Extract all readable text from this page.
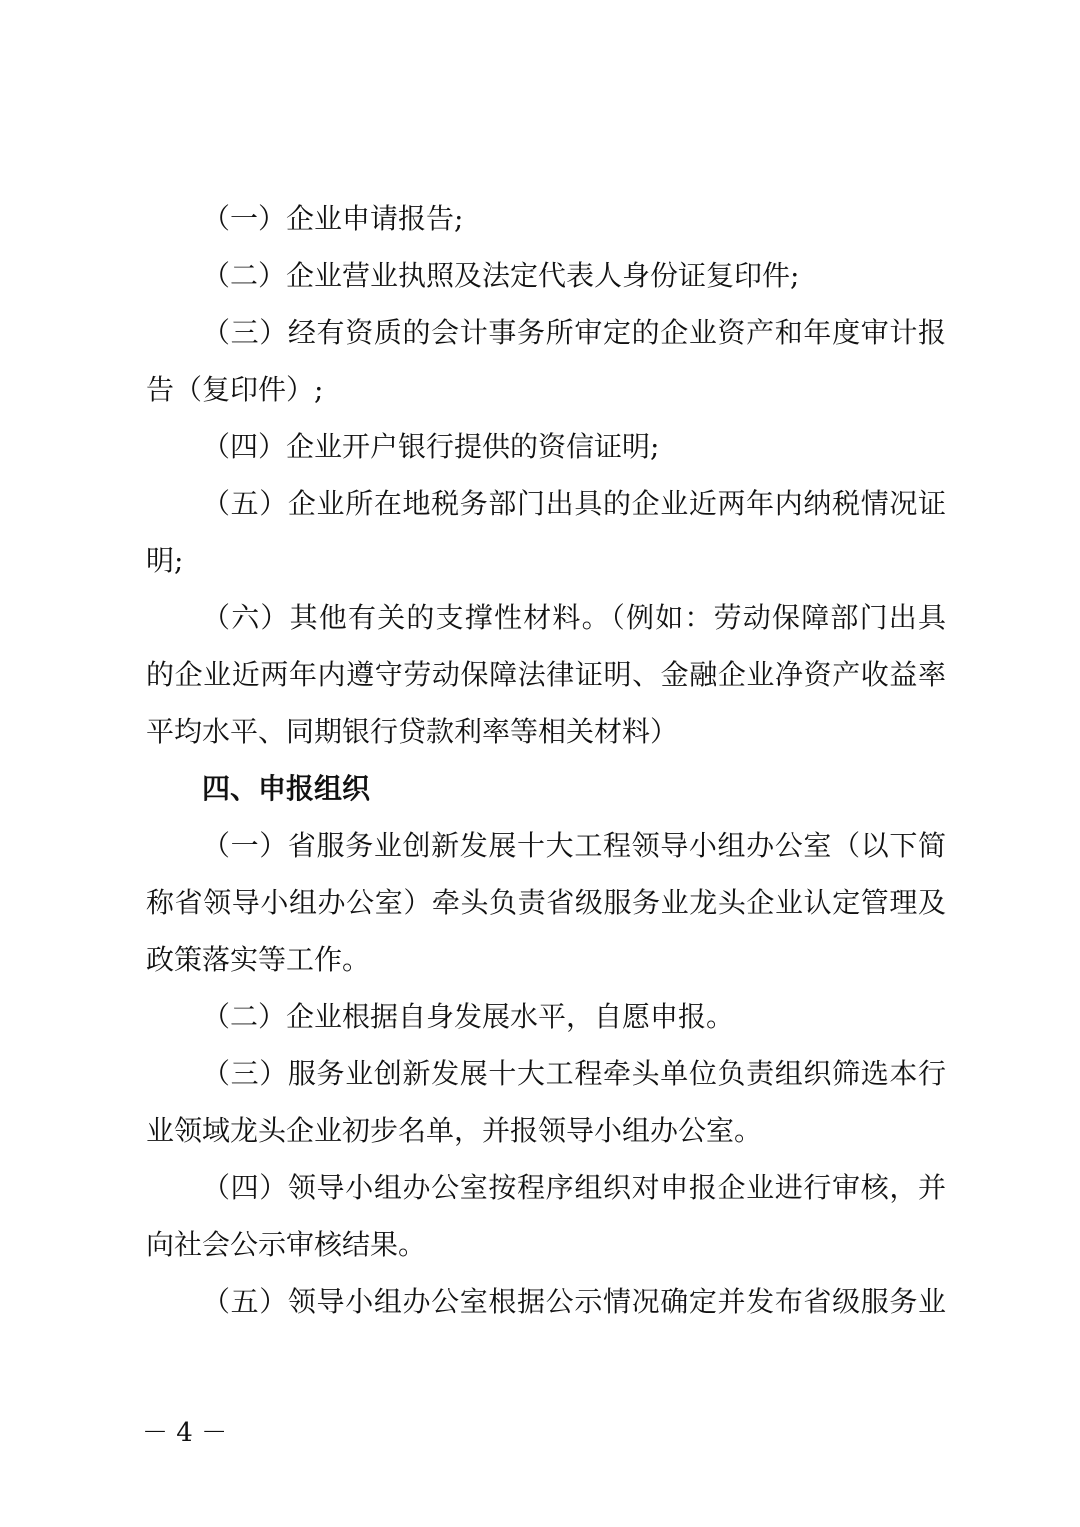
（一）企业申请报告;
（二）企业营业执照及法定代表人身份证复印件;
（三）经有资质的会计事务所审定的企业资产和年度审计报
告（复印件）;
（四）企业开户银行提供的资信证明;
（五）企业所在地税务部门出具的企业近两年内纳税情况证
明;
（六）其他有关的支撑性材料。（例如：劳动保障部门出具
的企业近两年内遵守劳动保障法律证明、金融企业净资产收益率
平均水平、同期银行贷款利率等相关材料）
四、申报组织
（一）省服务业创新发展十大工程领导小组办公室（以下简
称省领导小组办公室）牵头负责省级服务业龙头企业认定管理及
政策落实等工作。
（二）企业根据自身发展水平，自愿申报。
（三）服务业创新发展十大工程牵头单位负责组织筛选本行
业领域龙头企业初步名单，并报领导小组办公室。
（四）领导小组办公室按程序组织对申报企业进行审核，并
向社会公示审核结果。
（五）领导小组办公室根据公示情况确定并发布省级服务业
－ 4 －
